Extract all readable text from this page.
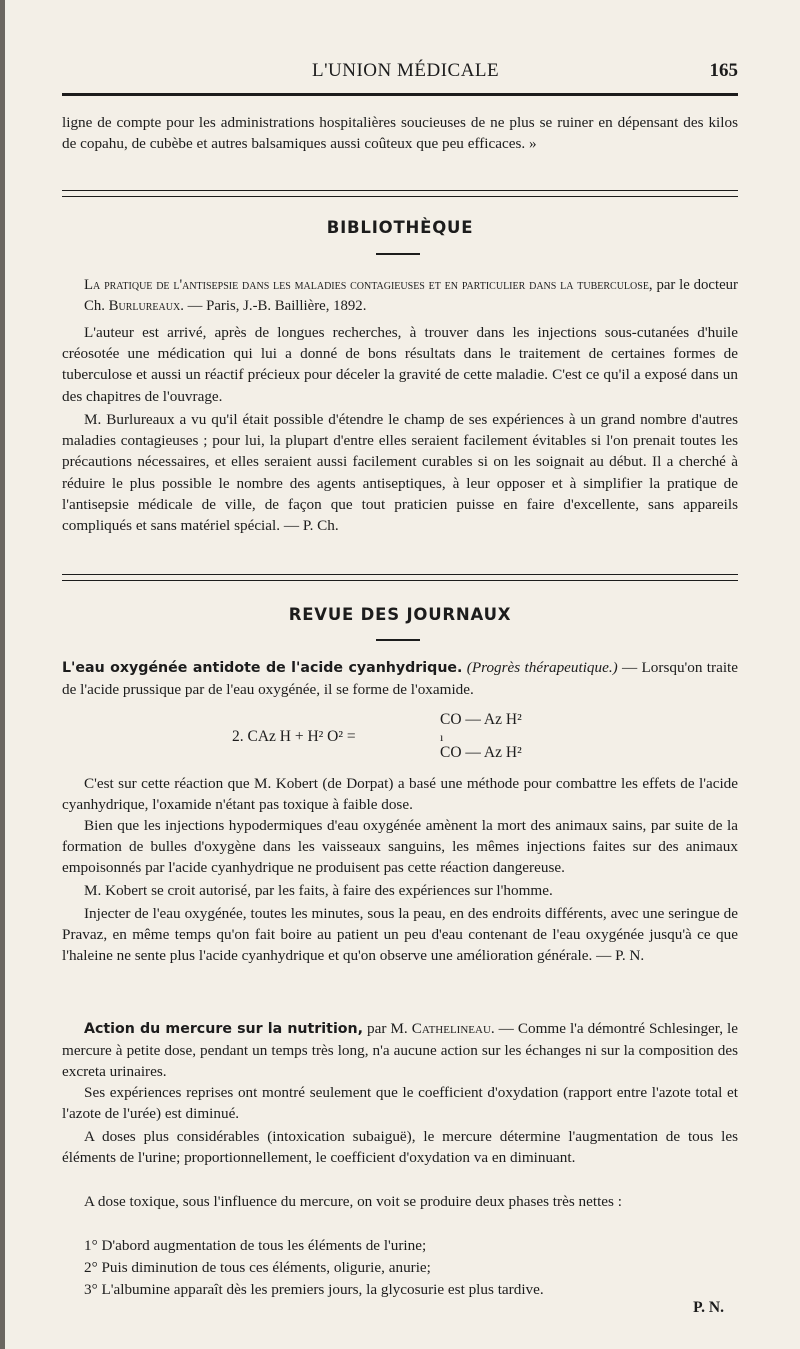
L'UNION MÉDICALE	165

ligne de compte pour les administrations hospitalières soucieuses de ne plus se ruiner en dépensant des kilos de copahu, de cubèbe et autres balsamiques aussi coûteux que peu efficaces. »

BIBLIOTHÈQUE

La pratique de l'antisepsie dans les maladies contagieuses et en particulier dans la tuberculose, par le docteur Ch. Burlureaux. — Paris, J.-B. Baillière, 1892.

L'auteur est arrivé, après de longues recherches, à trouver dans les injections sous-cutanées d'huile créosotée une médication qui lui a donné de bons résultats dans le traitement de certaines formes de tuberculose et aussi un réactif précieux pour déceler la gravité de cette maladie. C'est ce qu'il a exposé dans un des chapitres de l'ouvrage.

M. Burlureaux a vu qu'il était possible d'étendre le champ de ses expériences à un grand nombre d'autres maladies contagieuses ; pour lui, la plupart d'entre elles seraient facilement évitables si l'on prenait toutes les précautions nécessaires, et elles seraient aussi facilement curables si on les soignait au début. Il a cherché à réduire le plus possible le nombre des agents antiseptiques, à leur opposer et à simplifier la pratique de l'antisepsie médicale de ville, de façon que tout praticien puisse en faire d'excellente, sans appareils compliqués et sans matériel spécial. — P. Ch.

REVUE DES JOURNAUX

L'eau oxygénée antidote de l'acide cyanhydrique. (Progrès thérapeutique.) — Lorsqu'on traite de l'acide prussique par de l'eau oxygénée, il se forme de l'oxamide.

CO — Az H²
2. CAz H + H² O² =	ı
CO — Az H²

C'est sur cette réaction que M. Kobert (de Dorpat) a basé une méthode pour combattre les effets de l'acide cyanhydrique, l'oxamide n'étant pas toxique à faible dose.

Bien que les injections hypodermiques d'eau oxygénée amènent la mort des animaux sains, par suite de la formation de bulles d'oxygène dans les vaisseaux sanguins, les mêmes injections faites sur des animaux empoisonnés par l'acide cyanhydrique ne produisent pas cette réaction dangereuse.

M. Kobert se croit autorisé, par les faits, à faire des expériences sur l'homme.

Injecter de l'eau oxygénée, toutes les minutes, sous la peau, en des endroits différents, avec une seringue de Pravaz, en même temps qu'on fait boire au patient un peu d'eau contenant de l'eau oxygénée jusqu'à ce que l'haleine ne sente plus l'acide cyanhydrique et qu'on observe une amélioration générale. — P. N.

Action du mercure sur la nutrition, par M. Cathelineau. — Comme l'a démontré Schlesinger, le mercure à petite dose, pendant un temps très long, n'a aucune action sur les échanges ni sur la composition des excreta urinaires.

Ses expériences reprises ont montré seulement que le coefficient d'oxydation (rapport entre l'azote total et l'azote de l'urée) est diminué.

A doses plus considérables (intoxication subaiguë), le mercure détermine l'augmentation de tous les éléments de l'urine; proportionnellement, le coefficient d'oxydation va en diminuant.

A dose toxique, sous l'influence du mercure, on voit se produire deux phases très nettes :

1° D'abord augmentation de tous les éléments de l'urine;

2° Puis diminution de tous ces éléments, oligurie, anurie;

3° L'albumine apparaît dès les premiers jours, la glycosurie est plus tardive.

P. N.
